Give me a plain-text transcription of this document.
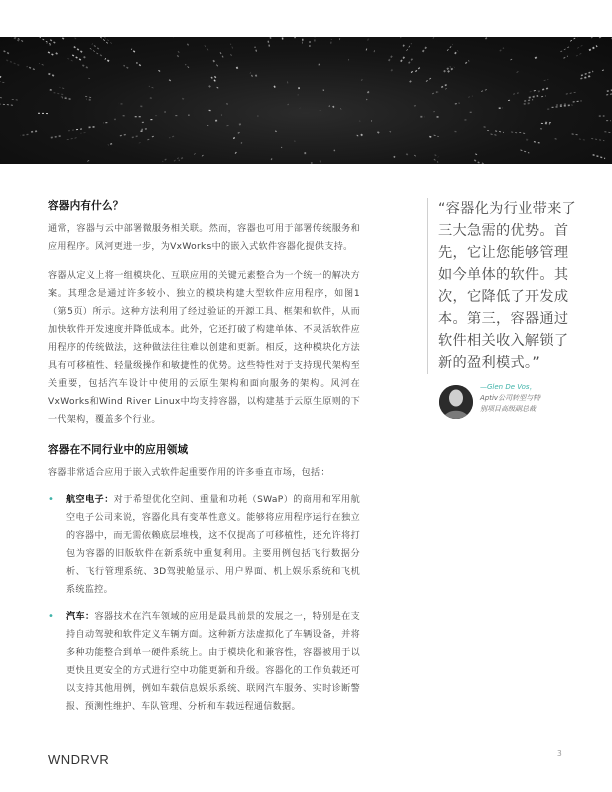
容器内有什么？

通常，容器与云中部署微服务相关联。然而，容器也可用于部署传统服务和应用程序。风河更进一步，为VxWorks中的嵌入式软件容器化提供支持。

容器从定义上将一组模块化、互联应用的关键元素整合为一个统一的解决方案。其理念是通过许多较小、独立的模块构建大型软件应用程序，如图1（第5页）所示。这种方法利用了经过验证的开源工具、框架和软件，从而加快软件开发速度并降低成本。此外，它还打破了构建单体、不灵活软件应用程序的传统做法，这种做法往往难以创建和更新。相反，这种模块化方法具有可移植性、轻量级操作和敏捷性的优势。这些特性对于支持现代架构至关重要，包括汽车设计中使用的云原生架构和面向服务的架构。风河在VxWorks和Wind River Linux中均支持容器，以构建基于云原生原则的下一代架构，覆盖多个行业。

容器在不同行业中的应用领域

容器非常适合应用于嵌入式软件起重要作用的许多垂直市场，包括：

• 航空电子：对于希望优化空间、重量和功耗（SWaP）的商用和军用航空电子公司来说，容器化具有变革性意义。能够将应用程序运行在独立的容器中，而无需依赖底层堆栈，这不仅提高了可移植性，还允许将打包为容器的旧版软件在新系统中重复利用。主要用例包括飞行数据分析、飞行管理系统、3D驾驶舱显示、用户界面、机上娱乐系统和飞机系统监控。

• 汽车：容器技术在汽车领域的应用是最具前景的发展之一，特别是在支持自动驾驶和软件定义车辆方面。这种新方法虚拟化了车辆设备，并将多种功能整合到单一硬件系统上。由于模块化和兼容性，容器被用于以更快且更安全的方式进行空中功能更新和升级。容器化的工作负载还可以支持其他用例，例如车载信息娱乐系统、联网汽车服务、实时诊断警报、预测性维护、车队管理、分析和车载远程通信数据。

“容器化为行业带来了三大急需的优势。首先，它让您能够管理如今单体的软件。其次，它降低了开发成本。第三，容器通过软件相关收入解锁了新的盈利模式。”
—Glen De Vos，
Aptiv公司转型与特
别项目高级副总裁
WNDRVR	3
